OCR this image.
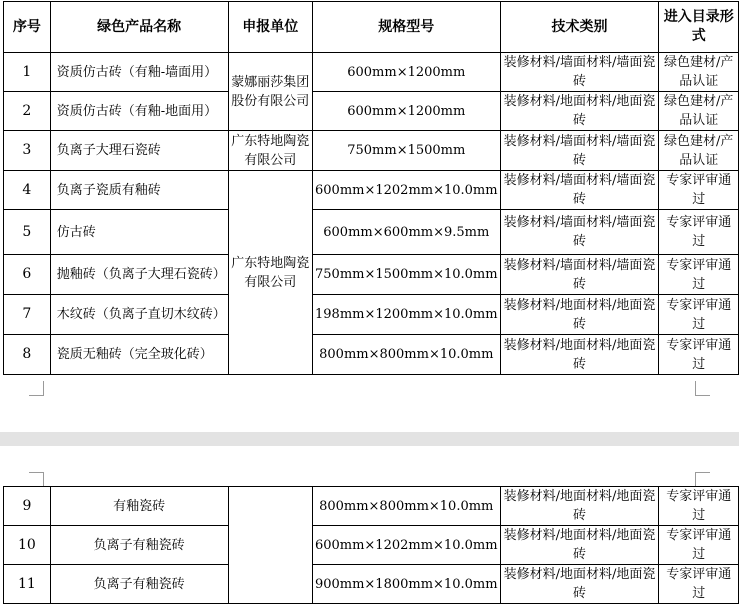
序号	绿色产品名称	申报单位	规格型号	技术类别	进入目录形式
1	资质仿古砖（有釉-墙面用）	蒙娜丽莎集团股份有限公司	600mm×1200mm	装修材料/墙面材料/墙面瓷砖	绿色建材/产品认证
2	资质仿古砖（有釉-地面用）		600mm×1200mm	装修材料/地面材料/地面瓷砖	绿色建材/产品认证
3	负离子大理石瓷砖	广东特地陶瓷有限公司	750mm×1500mm	装修材料/墙面材料/墙面瓷砖	绿色建材/产品认证
4	负离子瓷质有釉砖	广东特地陶瓷有限公司	600mm×1202mm×10.0mm	装修材料/墙面材料/墙面瓷砖	专家评审通过
5	仿古砖		600mm×600mm×9.5mm	装修材料/墙面材料/墙面瓷砖	专家评审通过
6	抛釉砖（负离子大理石瓷砖）		750mm×1500mm×10.0mm	装修材料/墙面材料/墙面瓷砖	专家评审通过
7	木纹砖（负离子直切木纹砖）		198mm×1200mm×10.0mm	装修材料/地面材料/地面瓷砖	专家评审通过
8	瓷质无釉砖（完全玻化砖）		800mm×800mm×10.0mm	装修材料/地面材料/地面瓷砖	专家评审通过
9	有釉瓷砖		800mm×800mm×10.0mm	装修材料/地面材料/地面瓷砖	专家评审通过
10	负离子有釉瓷砖		600mm×1202mm×10.0mm	装修材料/地面材料/地面瓷砖	专家评审通过
11	负离子有釉瓷砖		900mm×1800mm×10.0mm	装修材料/地面材料/地面瓷砖	专家评审通过
